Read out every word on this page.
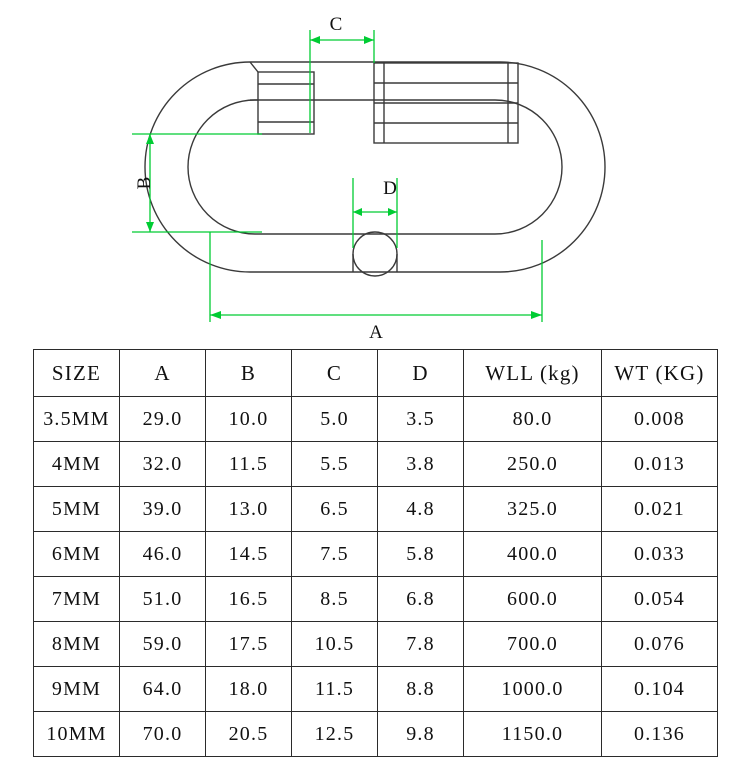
C
B	D
A
SIZE	A	B	C	D	WLL (kg)	WT (KG)
3.5MM	29.0	10.0	5.0	3.5	80.0	0.008
4MM	32.0	11.5	5.5	3.8	250.0	0.013
5MM	39.0	13.0	6.5	4.8	325.0	0.021
6MM	46.0	14.5	7.5	5.8	400.0	0.033
7MM	51.0	16.5	8.5	6.8	600.0	0.054
8MM	59.0	17.5	10.5	7.8	700.0	0.076
9MM	64.0	18.0	11.5	8.8	1000.0	0.104
10MM	70.0	20.5	12.5	9.8	1150.0	0.136
